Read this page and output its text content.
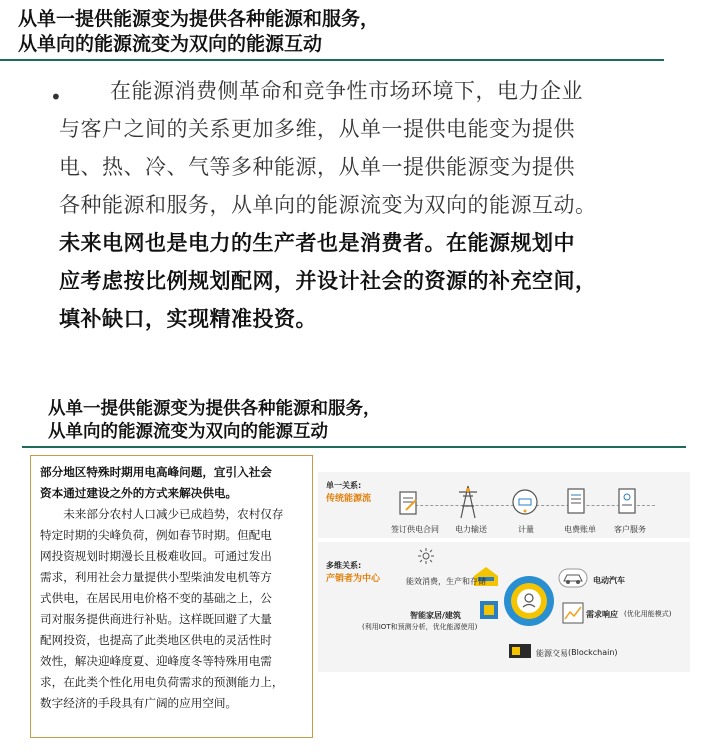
从单一提供能源变为提供各种能源和服务，
从单向的能源流变为双向的能源互动
•	在能源消费侧革命和竞争性市场环境下，电力企业
与客户之间的关系更加多维，从单一提供电能变为提供
电、热、冷、气等多种能源，从单一提供能源变为提供
各种能源和服务，从单向的能源流变为双向的能源互动。
未来电网也是电力的生产者也是消费者。在能源规划中
应考虑按比例规划配网，并设计社会的资源的补充空间，
填补缺口，实现精准投资。
从单一提供能源变为提供各种能源和服务，
从单向的能源流变为双向的能源互动
部分地区特殊时期用电高峰问题，宜引入社会
资本通过建设之外的方式来解决供电。
　　未来部分农村人口减少已成趋势，农村仅存
特定时期的尖峰负荷，例如春节时期。但配电
网投资规划时期漫长且极难收回。可通过发出
需求，利用社会力量提供小型柴油发电机等方
式供电，在居民用电价格不变的基础之上，公
司对服务提供商进行补贴。这样既回避了大量
配网投资，也提高了此类地区供电的灵活性时
效性，解决迎峰度夏、迎峰度冬等特殊用电需
求，在此类个性化用电负荷需求的预测能力上，
数字经济的手段具有广阔的应用空间。
单一关系:
传统能源流
签订供电合同 电力输送	计量	电费账单 客户服务
多维关系:
产销者为中心	能效消费，生产和存储
智能家居/建筑
(利用IOT和预测分析，优化能源使用)
电动汽车
需求响应 (优化用能模式)
能源交易 (Blockchain)
